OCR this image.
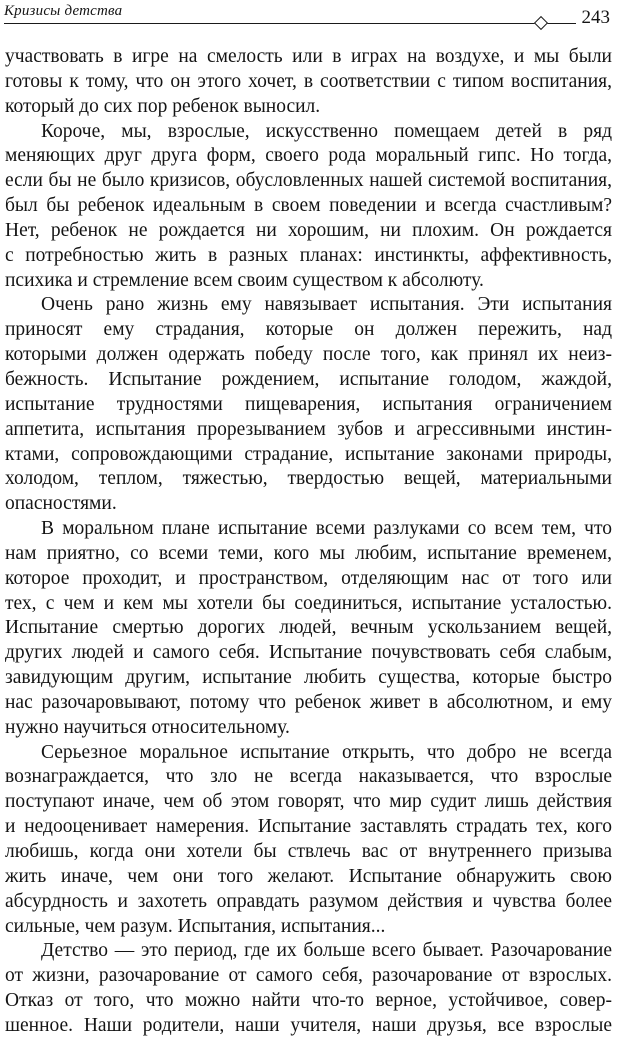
Кризисы детства	243
участвовать в игре на смелость или в играх на воздухе, и мы были
готовы к тому, что он этого хочет, в соответствии с типом воспитания,
который до сих пор ребенок выносил.
Короче, мы, взрослые, искусственно помещаем детей в ряд
меняющих друг друга форм, своего рода моральный гипс. Но тогда,
если бы не было кризисов, обусловленных нашей системой воспитания,
был бы ребенок идеальным в своем поведении и всегда счастливым?
Нет, ребенок не рождается ни хорошим, ни плохим. Он рождается
с потребностью жить в разных планах: инстинкты, аффективность,
психика и стремление всем своим существом к абсолюту.
Очень рано жизнь ему навязывает испытания. Эти испытания
приносят ему страдания, которые он должен пережить, над
которыми должен одержать победу после того, как принял их неиз-
бежность. Испытание рождением, испытание голодом, жаждой,
испытание трудностями пищеварения, испытания ограничением
аппетита, испытания прорезыванием зубов и агрессивными инстин-
ктами, сопровождающими страдание, испытание законами природы,
холодом, теплом, тяжестью, твердостью вещей, материальными
опасностями.
В моральном плане испытание всеми разлуками со всем тем, что
нам приятно, со всеми теми, кого мы любим, испытание временем,
которое проходит, и пространством, отделяющим нас от того или
тех, с чем и кем мы хотели бы соединиться, испытание усталостью.
Испытание смертью дорогих людей, вечным ускользанием вещей,
других людей и самого себя. Испытание почувствовать себя слабым,
завидующим другим, испытание любить существа, которые быстро
нас разочаровывают, потому что ребенок живет в абсолютном, и ему
нужно научиться относительному.
Серьезное моральное испытание открыть, что добро не всегда
вознаграждается, что зло не всегда наказывается, что взрослые
поступают иначе, чем об этом говорят, что мир судит лишь действия
и недооценивает намерения. Испытание заставлять страдать тех, кого
любишь, когда они хотели бы ствлечь вас от внутреннего призыва
жить иначе, чем они того желают. Испытание обнаружить свою
абсурдность и захотеть оправдать разумом действия и чувства более
сильные, чем разум. Испытания, испытания...
Детство — это период, где их больше всего бывает. Разочарование
от жизни, разочарование от самого себя, разочарование от взрослых.
Отказ от того, что можно найти что-то верное, устойчивое, совер-
шенное. Наши родители, наши учителя, наши друзья, все взрослые
